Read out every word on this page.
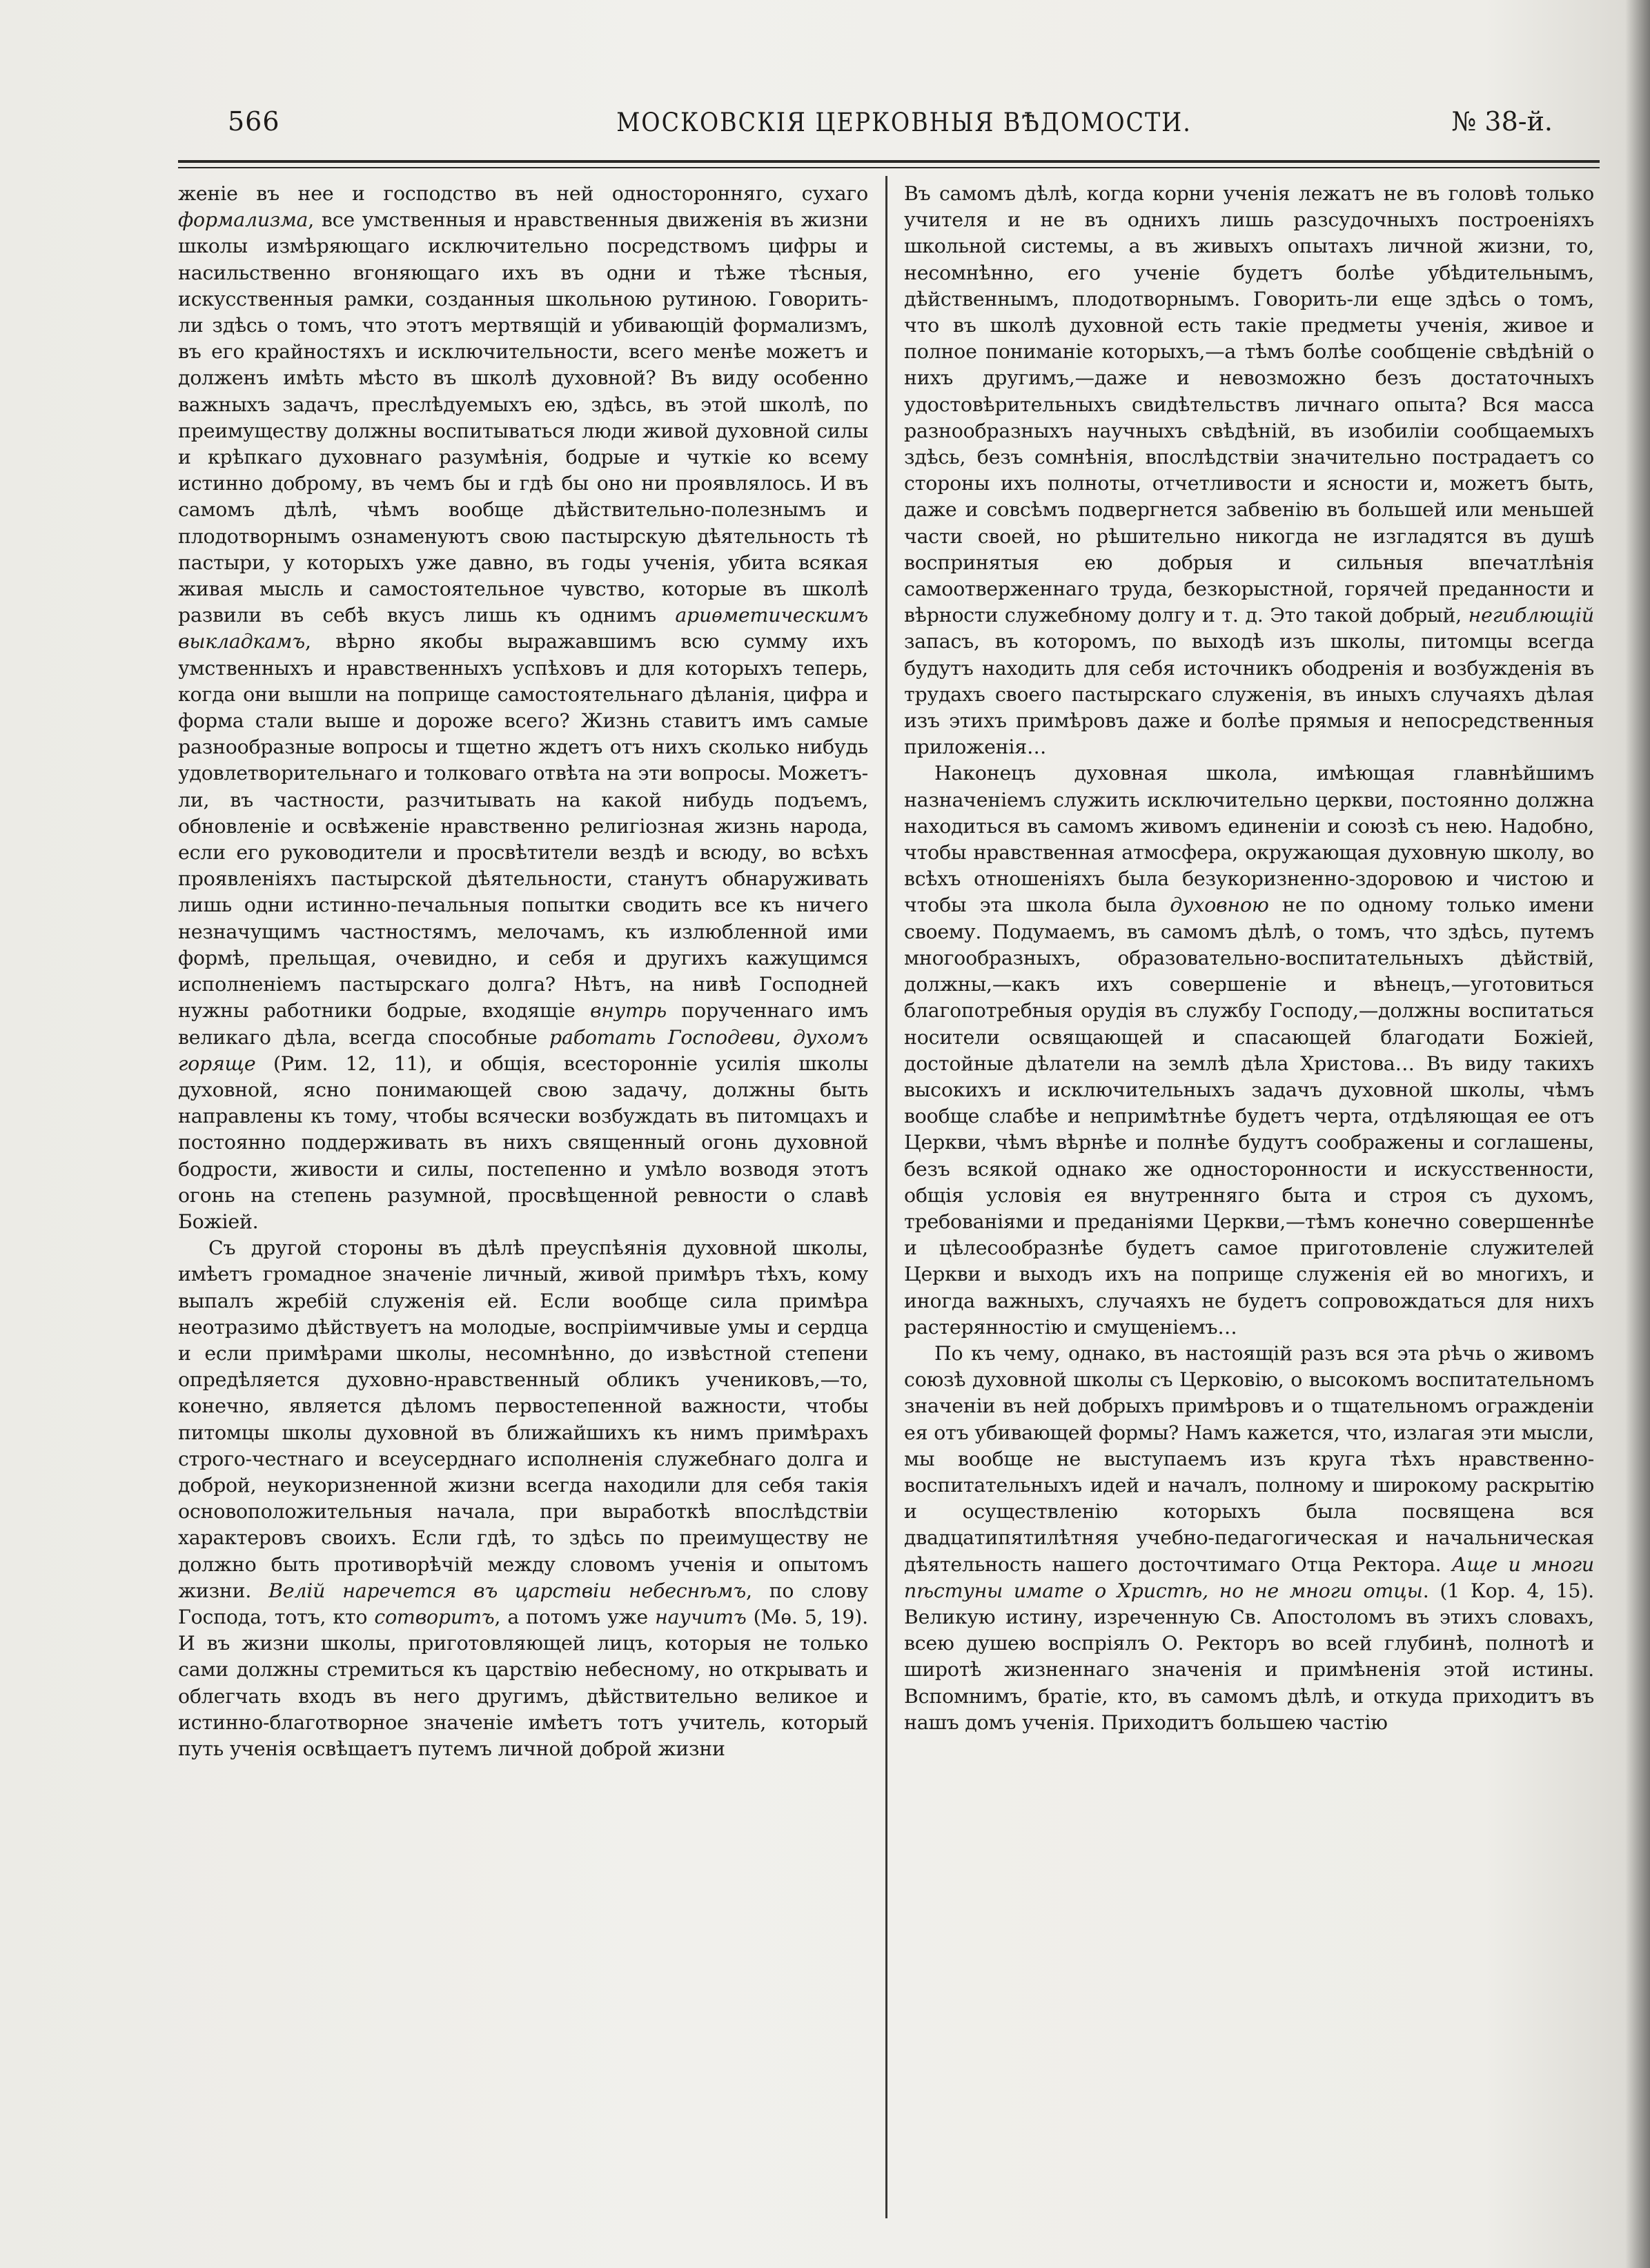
566	МОСКОВСКІЯ ЦЕРКОВНЫЯ ВѢДОМОСТИ.	№ 38-й.

женіе въ нее и господство въ ней односторонняго, сухаго формализма, все умственныя и нравственныя движенія въ жизни школы измѣряющаго исключительно посредствомъ цифры и насильственно вгоняющаго ихъ въ одни и тѣже тѣсныя, искусственныя рамки, созданныя школьною рутиною. Говорить-ли здѣсь о томъ, что этотъ мертвящій и убивающій формализмъ, въ его крайностяхъ и исключительности, всего менѣе можетъ и долженъ имѣть мѣсто въ школѣ духовной? Въ виду особенно важныхъ задачъ, преслѣдуемыхъ ею, здѣсь, въ этой школѣ, по преимуществу должны воспитываться люди живой духовной силы и крѣпкаго духовнаго разумѣнія, бодрые и чуткіе ко всему истинно доброму, въ чемъ бы и гдѣ бы оно ни проявлялось. И въ самомъ дѣлѣ, чѣмъ вообще дѣйствительно-полезнымъ и плодотворнымъ ознаменуютъ свою пастырскую дѣятельность тѣ пастыри, у которыхъ уже давно, въ годы ученія, убита всякая живая мысль и самостоятельное чувство, которые въ школѣ развили въ себѣ вкусъ лишь къ однимъ ариѳметическимъ выкладкамъ, вѣрно якобы выражавшимъ всю сумму ихъ умственныхъ и нравственныхъ успѣховъ и для которыхъ теперь, когда они вышли на поприще самостоятельнаго дѣланія, цифра и форма стали выше и дороже всего? Жизнь ставитъ имъ самые разнообразные вопросы и тщетно ждетъ отъ нихъ сколько нибудь удовлетворительнаго и толковаго отвѣта на эти вопросы. Можетъ-ли, въ частности, разчитывать на какой нибудь подъемъ, обновленіе и освѣженіе нравственно религіозная жизнь народа, если его руководители и просвѣтители вездѣ и всюду, во всѣхъ проявленіяхъ пастырской дѣятельности, станутъ обнаруживать лишь одни истинно-печальныя попытки сводить все къ ничего незначущимъ частностямъ, мелочамъ, къ излюбленной ими формѣ, прельщая, очевидно, и себя и другихъ кажущимся исполненіемъ пастырскаго долга? Нѣтъ, на нивѣ Господней нужны работники бодрые, входящіе внутрь порученнаго имъ великаго дѣла, всегда способные работать Господеви, духомъ горяще (Рим. 12, 11), и общія, всесторонніе усилія школы духовной, ясно понимающей свою задачу, должны быть направлены къ тому, чтобы всячески возбуждать въ питомцахъ и постоянно поддерживать въ нихъ священный огонь духовной бодрости, живости и силы, постепенно и умѣло возводя этотъ огонь на степень разумной, просвѣщенной ревности о славѣ Божіей.

Съ другой стороны въ дѣлѣ преуспѣянія духовной школы, имѣетъ громадное значеніе личный, живой примѣръ тѣхъ, кому выпалъ жребій служенія ей. Если вообще сила примѣра неотразимо дѣйствуетъ на молодые, воспріимчивые умы и сердца и если примѣрами школы, несомнѣнно, до извѣстной степени опредѣляется духовно-нравственный обликъ учениковъ,—то, конечно, является дѣломъ первостепенной важности, чтобы питомцы школы духовной въ ближайшихъ къ нимъ примѣрахъ строго-честнаго и всеусерднаго исполненія служебнаго долга и доброй, неукоризненной жизни всегда находили для себя такія основоположительныя начала, при выработкѣ впослѣдствіи характеровъ своихъ. Если гдѣ, то здѣсь по преимуществу не должно быть противорѣчій между словомъ ученія и опытомъ жизни. Велій наречется въ царствіи небеснѣмъ, по слову Господа, тотъ, кто сотворитъ, а потомъ уже научитъ (Мѳ. 5, 19). И въ жизни школы, приготовляющей лицъ, которыя не только сами должны стремиться къ царствію небесному, но открывать и облегчать входъ въ него другимъ, дѣйствительно великое и истинно-благотворное значеніе имѣетъ тотъ учитель, который путь ученія освѣщаетъ путемъ личной доброй жизни

Въ самомъ дѣлѣ, когда корни ученія лежатъ не въ головѣ только учителя и не въ однихъ лишь разсудочныхъ построеніяхъ школьной системы, а въ живыхъ опытахъ личной жизни, то, несомнѣнно, его ученіе будетъ болѣе убѣдительнымъ, дѣйственнымъ, плодотворнымъ. Говорить-ли еще здѣсь о томъ, что въ школѣ духовной есть такіе предметы ученія, живое и полное пониманіе которыхъ,—а тѣмъ болѣе сообщеніе свѣдѣній о нихъ другимъ,—даже и невозможно безъ достаточныхъ удостовѣрительныхъ свидѣтельствъ личнаго опыта? Вся масса разнообразныхъ научныхъ свѣдѣній, въ изобиліи сообщаемыхъ здѣсь, безъ сомнѣнія, впослѣдствіи значительно пострадаетъ со стороны ихъ полноты, отчетливости и ясности и, можетъ быть, даже и совсѣмъ подвергнется забвенію въ большей или меньшей части своей, но рѣшительно никогда не изгладятся въ душѣ воспринятыя ею добрыя и сильныя впечатлѣнія самоотверженнаго труда, безкорыстной, горячей преданности и вѣрности служебному долгу и т. д. Это такой добрый, негиблющій запасъ, въ которомъ, по выходѣ изъ школы, питомцы всегда будутъ находить для себя источникъ ободренія и возбужденія въ трудахъ своего пастырскаго служенія, въ иныхъ случаяхъ дѣлая изъ этихъ примѣровъ даже и болѣе прямыя и непосредственныя приложенія…

Наконецъ духовная школа, имѣющая главнѣйшимъ назначеніемъ служить исключительно церкви, постоянно должна находиться въ самомъ живомъ единеніи и союзѣ съ нею. Надобно, чтобы нравственная атмосфера, окружающая духовную школу, во всѣхъ отношеніяхъ была безукоризненно-здоровою и чистою и чтобы эта школа была духовною не по одному только имени своему. Подумаемъ, въ самомъ дѣлѣ, о томъ, что здѣсь, путемъ многообразныхъ, образовательно-воспитательныхъ дѣйствій, должны,—какъ ихъ совершеніе и вѣнецъ,—уготовиться благопотребныя орудія въ службу Господу,—должны воспитаться носители освящающей и спасающей благодати Божіей, достойные дѣлатели на землѣ дѣла Христова… Въ виду такихъ высокихъ и исключительныхъ задачъ духовной школы, чѣмъ вообще слабѣе и непримѣтнѣе будетъ черта, отдѣляющая ее отъ Церкви, чѣмъ вѣрнѣе и полнѣе будутъ соображены и соглашены, безъ всякой однако же односторонности и искусственности, общія условія ея внутренняго быта и строя съ духомъ, требованіями и преданіями Церкви,—тѣмъ конечно совершеннѣе и цѣлесообразнѣе будетъ самое приготовленіе служителей Церкви и выходъ ихъ на поприще служенія ей во многихъ, и иногда важныхъ, случаяхъ не будетъ сопровождаться для нихъ растерянностію и смущеніемъ…

По къ чему, однако, въ настоящій разъ вся эта рѣчь о живомъ союзѣ духовной школы съ Церковію, о высокомъ воспитательномъ значеніи въ ней добрыхъ примѣровъ и о тщательномъ огражденіи ея отъ убивающей формы? Намъ кажется, что, излагая эти мысли, мы вообще не выступаемъ изъ круга тѣхъ нравственно-воспитательныхъ идей и началъ, полному и широкому раскрытію и осуществленію которыхъ была посвящена вся двадцатипятилѣтняя учебно-педагогическая и начальническая дѣятельность нашего досточтимаго Отца Ректора. Аще и многи пѣстуны имате о Христѣ, но не многи отцы. (1 Кор. 4, 15). Великую истину, изреченную Св. Апостоломъ въ этихъ словахъ, всею душею воспріялъ О. Ректоръ во всей глубинѣ, полнотѣ и широтѣ жизненнаго значенія и примѣненія этой истины. Вспомнимъ, братіе, кто, въ самомъ дѣлѣ, и откуда приходитъ въ нашъ домъ ученія. Приходитъ большею частію
